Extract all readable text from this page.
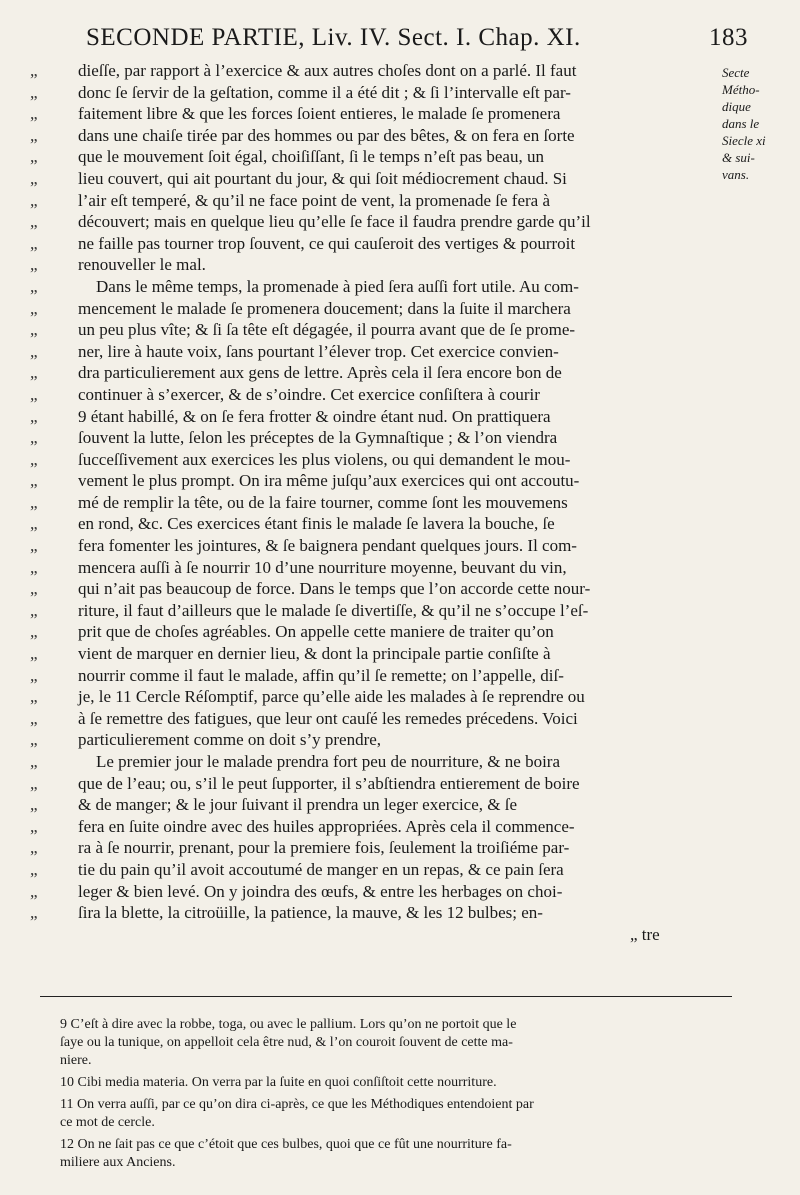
SECONDE PARTIE, Liv. IV. Sect. I. Chap. XI.	183
Secte
Métho-
dique
dans le
Siecle xi
& sui-
vans.
„ dieſſe, par rapport à l’exercice & aux autres choſes dont on a parlé. Il faut
„ donc ſe ſervir de la geſtation, comme il a été dit ; & ſi l’intervalle eſt par-
„ faitement libre & que les forces ſoient entieres, le malade ſe promenera
„ dans une chaiſe tirée par des hommes ou par des bêtes, & on fera en ſorte
„ que le mouvement ſoit égal, choiſiſſant, ſi le temps n’eſt pas beau, un
„ lieu couvert, qui ait pourtant du jour, & qui ſoit médiocrement chaud. Si
„ l’air eſt temperé, & qu’il ne face point de vent, la promenade ſe fera à
„ découvert; mais en quelque lieu qu’elle ſe face il faudra prendre garde qu’il
„ ne faille pas tourner trop ſouvent, ce qui cauſeroit des vertiges & pourroit
„ renouveller le mal.
„	Dans le même temps, la promenade à pied ſera auſſi fort utile. Au com-
„ mencement le malade ſe promenera doucement; dans la ſuite il marchera
„ un peu plus vîte; & ſi ſa tête eſt dégagée, il pourra avant que de ſe prome-
„ ner, lire à haute voix, ſans pourtant l’élever trop. Cet exercice convien-
„ dra particulierement aux gens de lettre. Après cela il ſera encore bon de
„ continuer à s’exercer, & de s’oindre. Cet exercice conſiſtera à courir
„ 9 étant habillé, & on ſe fera frotter & oindre étant nud. On prattiquera
„ ſouvent la lutte, ſelon les préceptes de la Gymnaſtique ; & l’on viendra
„ ſucceſſivement aux exercices les plus violens, ou qui demandent le mou-
„ vement le plus prompt. On ira même juſqu’aux exercices qui ont accoutu-
„ mé de remplir la tête, ou de la faire tourner, comme ſont les mouvemens
„ en rond, &c. Ces exercices étant finis le malade ſe lavera la bouche, ſe
„ fera fomenter les jointures, & ſe baignera pendant quelques jours. Il com-
„ mencera auſſi à ſe nourrir 10 d’une nourriture moyenne, beuvant du vin,
„ qui n’ait pas beaucoup de force. Dans le temps que l’on accorde cette nour-
„ riture, il faut d’ailleurs que le malade ſe divertiſſe, & qu’il ne s’occupe l’eſ-
„ prit que de choſes agréables. On appelle cette maniere de traiter qu’on
„ vient de marquer en dernier lieu, & dont la principale partie conſiſte à
„ nourrir comme il faut le malade, affin qu’il ſe remette; on l’appelle, diſ-
„ je, le 11 Cercle Réſomptif, parce qu’elle aide les malades à ſe reprendre ou
„ à ſe remettre des fatigues, que leur ont cauſé les remedes précedens. Voici
„ particulierement comme on doit s’y prendre,
„	Le premier jour le malade prendra fort peu de nourriture, & ne boira
„ que de l’eau; ou, s’il le peut ſupporter, il s’abſtiendra entierement de boire
„ & de manger; & le jour ſuivant il prendra un leger exercice, & ſe
„ fera en ſuite oindre avec des huiles appropriées. Après cela il commence-
„ ra à ſe nourrir, prenant, pour la premiere fois, ſeulement la troiſiéme par-
„ tie du pain qu’il avoit accoutumé de manger en un repas, & ce pain ſera
„ leger & bien levé. On y joindra des œufs, & entre les herbages on choi-
„ ſira la blette, la citroüille, la patience, la mauve, & les 12 bulbes; en-
„ tre
9 C’eſt à dire avec la robbe, toga, ou avec le pallium. Lors qu’on ne portoit que le
ſaye ou la tunique, on appelloit cela être nud, & l’on couroit ſouvent de cette ma-
niere.
10 Cibi media materia. On verra par la ſuite en quoi conſiſtoit cette nourriture.
11 On verra auſſi, par ce qu’on dira ci-après, ce que les Méthodiques entendoient par
ce mot de cercle.
12 On ne ſait pas ce que c’étoit que ces bulbes, quoi que ce fût une nourriture fa-
miliere aux Anciens.
